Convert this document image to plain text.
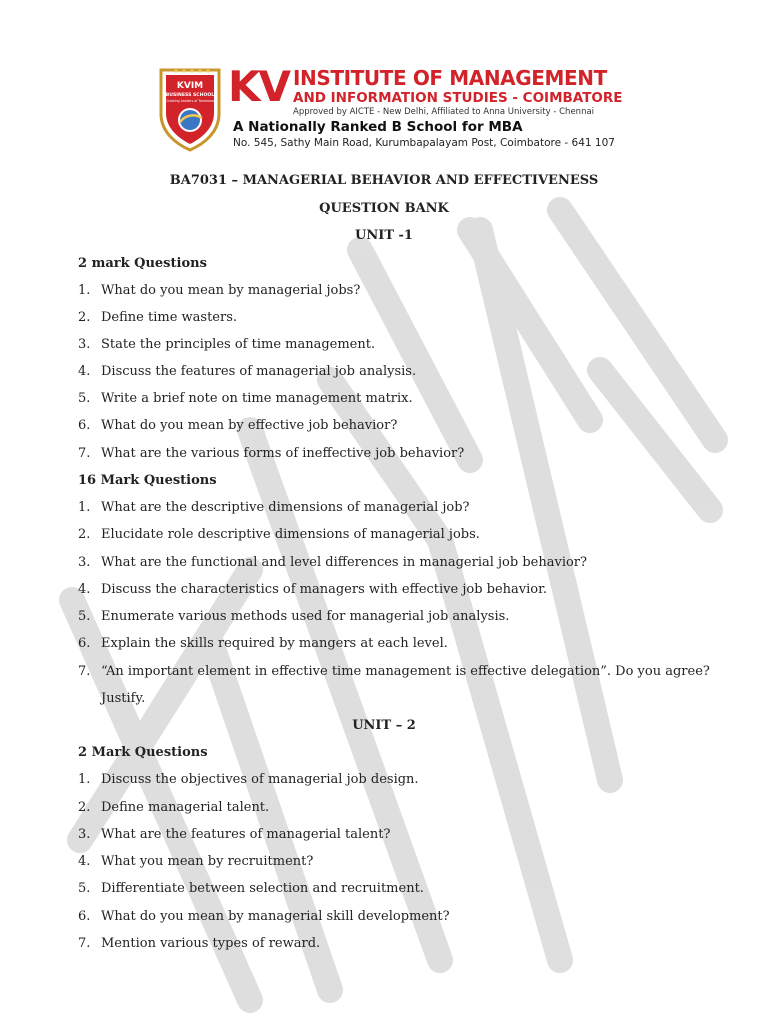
KVIM
BUSINESS SCHOOL
Creating Leaders of Tomorrow KV INSTITUTE OF MANAGEMENT
AND INFORMATION STUDIES - COIMBATORE
Approved by AICTE - New Delhi, Affiliated to Anna University - Chennai
A Nationally Ranked B School for MBA
No. 545, Sathy Main Road, Kurumbapalayam Post, Coimbatore - 641 107
BA7031 – MANAGERIAL BEHAVIOR AND EFFECTIVENESS
QUESTION BANK
UNIT -1
2 mark Questions
1. What do you mean by managerial jobs?
2. Define time wasters.
3. State the principles of time management.
4. Discuss the features of managerial job analysis.
5. Write a brief note on time management matrix.
6. What do you mean by effective job behavior?
7. What are the various forms of ineffective job behavior?
16 Mark Questions
1. What are the descriptive dimensions of managerial job?
2. Elucidate role descriptive dimensions of managerial jobs.
3. What are the functional and level differences in managerial job behavior?
4. Discuss the characteristics of managers with effective job behavior.
5. Enumerate various methods used for managerial job analysis.
6. Explain the skills required by mangers at each level.
7. “An important element in effective time management is effective delegation”. Do you agree?
Justify.
UNIT – 2
2 Mark Questions
1. Discuss the objectives of managerial job design.
2. Define managerial talent.
3. What are the features of managerial talent?
4. What you mean by recruitment?
5. Differentiate between selection and recruitment.
6. What do you mean by managerial skill development?
7. Mention various types of reward.
